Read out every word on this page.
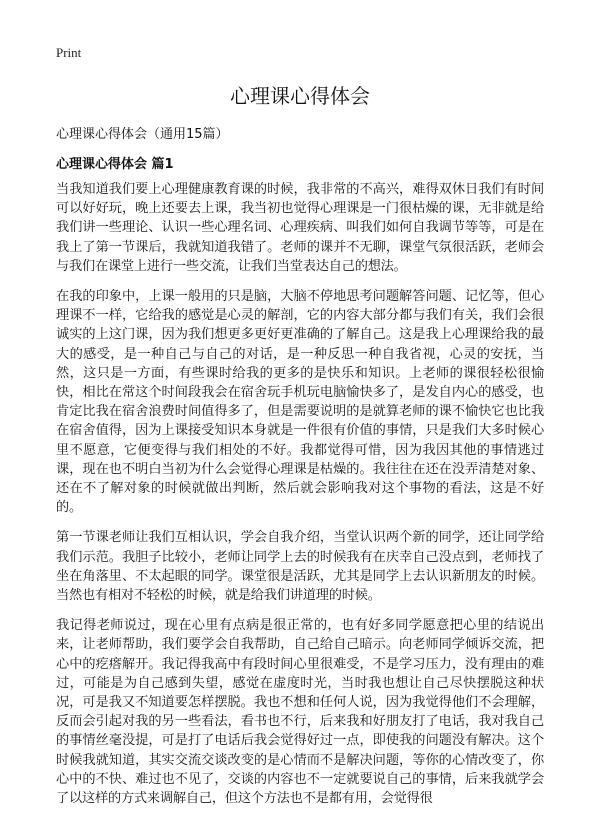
Print
心理课心得体会
心理课心得体会（通用15篇）
心理课心得体会 篇1

当我知道我们要上心理健康教育课的时候，我非常的不高兴，难得双休日我们有时间可以好好玩，晚上还要去上课，我当初也觉得心理课是一门很枯燥的课，无非就是给我们讲一些理论、认识一些心理名词、心理疾病、叫我们如何自我调节等等，可是在我上了第一节课后，我就知道我错了。老师的课并不无聊，课堂气氛很活跃，老师会与我们在课堂上进行一些交流，让我们当堂表达自己的想法。

在我的印象中，上课一般用的只是脑，大脑不停地思考问题解答问题、记忆等，但心理课不一样，它给我的感觉是心灵的解剖，它的内容大部分都与我们有关，我们会很诚实的上这门课，因为我们想更多更好更准确的了解自己。这是我上心理课给我的最大的感受，是一种自己与自己的对话，是一种反思一种自我省视，心灵的安抚，当然，这只是一方面，有些课时给我的更多的是快乐和知识。上老师的课很轻松很愉快，相比在常这个时间段我会在宿舍玩手机玩电脑愉快多了，是发自内心的感受，也肯定比我在宿舍浪费时间值得多了，但是需要说明的是就算老师的课不愉快它也比我在宿舍值得，因为上课接受知识本身就是一件很有价值的事情，只是我们大多时候心里不愿意，它便变得与我们相处的不好。我都觉得可惜，因为我因其他的事情逃过课，现在也不明白当初为什么会觉得心理课是枯燥的。我往往在还在没弄清楚对象、还在不了解对象的时候就做出判断，然后就会影响我对这个事物的看法，这是不好的。

第一节课老师让我们互相认识，学会自我介绍，当堂认识两个新的同学，还让同学给我们示范。我胆子比较小，老师让同学上去的时候我有在庆幸自己没点到，老师找了坐在角落里、不太起眼的同学。课堂很是活跃，尤其是同学上去认识新朋友的时候。当然也有相对不轻松的时候，就是给我们讲道理的时候。

我记得老师说过，现在心里有点病是很正常的，也有好多同学愿意把心里的结说出来，让老师帮助，我们要学会自我帮助，自己给自己暗示。向老师同学倾诉交流，把心中的疙瘩解开。我记得我高中有段时间心里很难受，不是学习压力，没有理由的难过，可能是为自己感到失望，感觉在虚度时光，当时我也想让自己尽快摆脱这种状况，可是我又不知道要怎样摆脱。我也不想和任何人说，因为我觉得他们不会理解，反而会引起对我的另一些看法，看书也不行，后来我和好朋友打了电话，我对我自己的事情丝毫没提，可是打了电话后我会觉得好过一点，即使我的问题没有解决。这个时候我就知道，其实交流交谈改变的是心情而不是解决问题，等你的心情改变了，你心中的不快、难过也不见了，交谈的内容也不一定就要说自己的事情，后来我就学会了以这样的方式来调解自己，但这个方法也不是都有用，会觉得很
